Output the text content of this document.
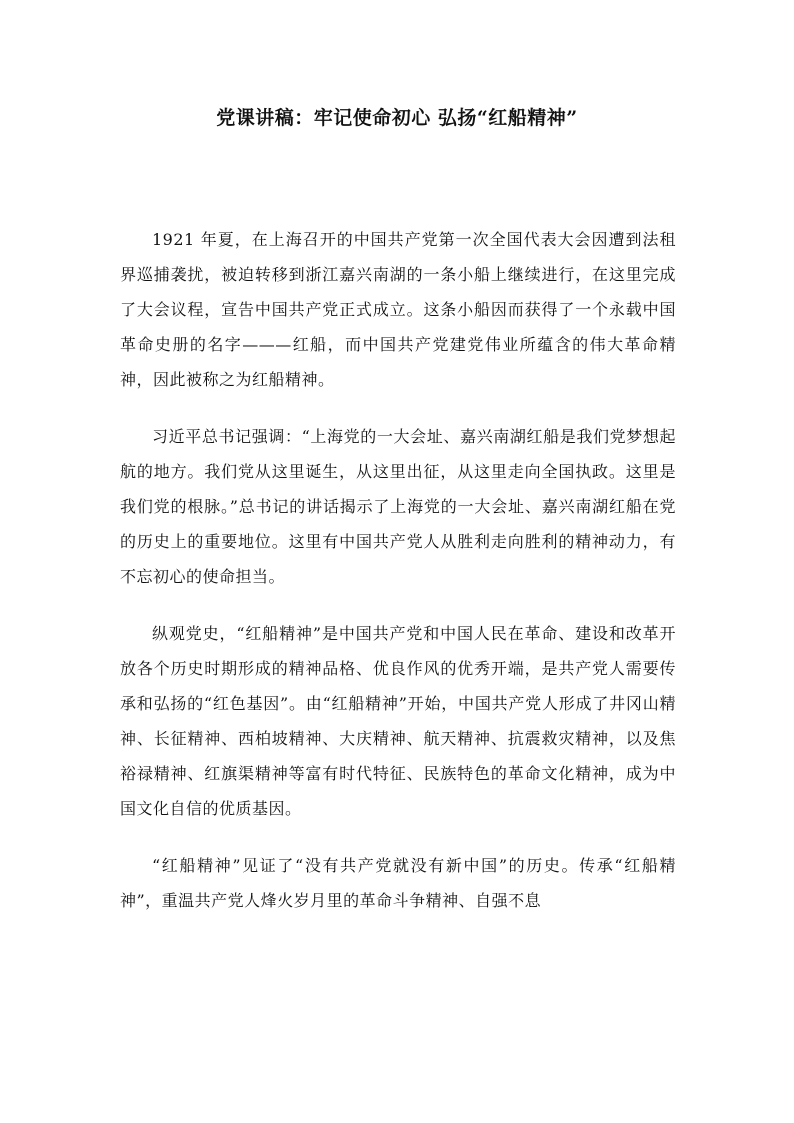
党课讲稿：牢记使命初心 弘扬“红船精神”

1921 年夏，在上海召开的中国共产党第一次全国代表大会因遭到法租界巡捕袭扰，被迫转移到浙江嘉兴南湖的一条小船上继续进行，在这里完成了大会议程，宣告中国共产党正式成立。这条小船因而获得了一个永载中国革命史册的名字———红船，而中国共产党建党伟业所蕴含的伟大革命精神，因此被称之为红船精神。

习近平总书记强调：“上海党的一大会址、嘉兴南湖红船是我们党梦想起航的地方。我们党从这里诞生，从这里出征，从这里走向全国执政。这里是我们党的根脉。”总书记的讲话揭示了上海党的一大会址、嘉兴南湖红船在党的历史上的重要地位。这里有中国共产党人从胜利走向胜利的精神动力，有不忘初心的使命担当。

纵观党史，“红船精神”是中国共产党和中国人民在革命、建设和改革开放各个历史时期形成的精神品格、优良作风的优秀开端，是共产党人需要传承和弘扬的“红色基因”。由“红船精神”开始，中国共产党人形成了井冈山精神、长征精神、西柏坡精神、大庆精神、航天精神、抗震救灾精神，以及焦裕禄精神、红旗渠精神等富有时代特征、民族特色的革命文化精神，成为中国文化自信的优质基因。

“红船精神”见证了“没有共产党就没有新中国”的历史。传承“红船精神”，重温共产党人烽火岁月里的革命斗争精神、自强不息
